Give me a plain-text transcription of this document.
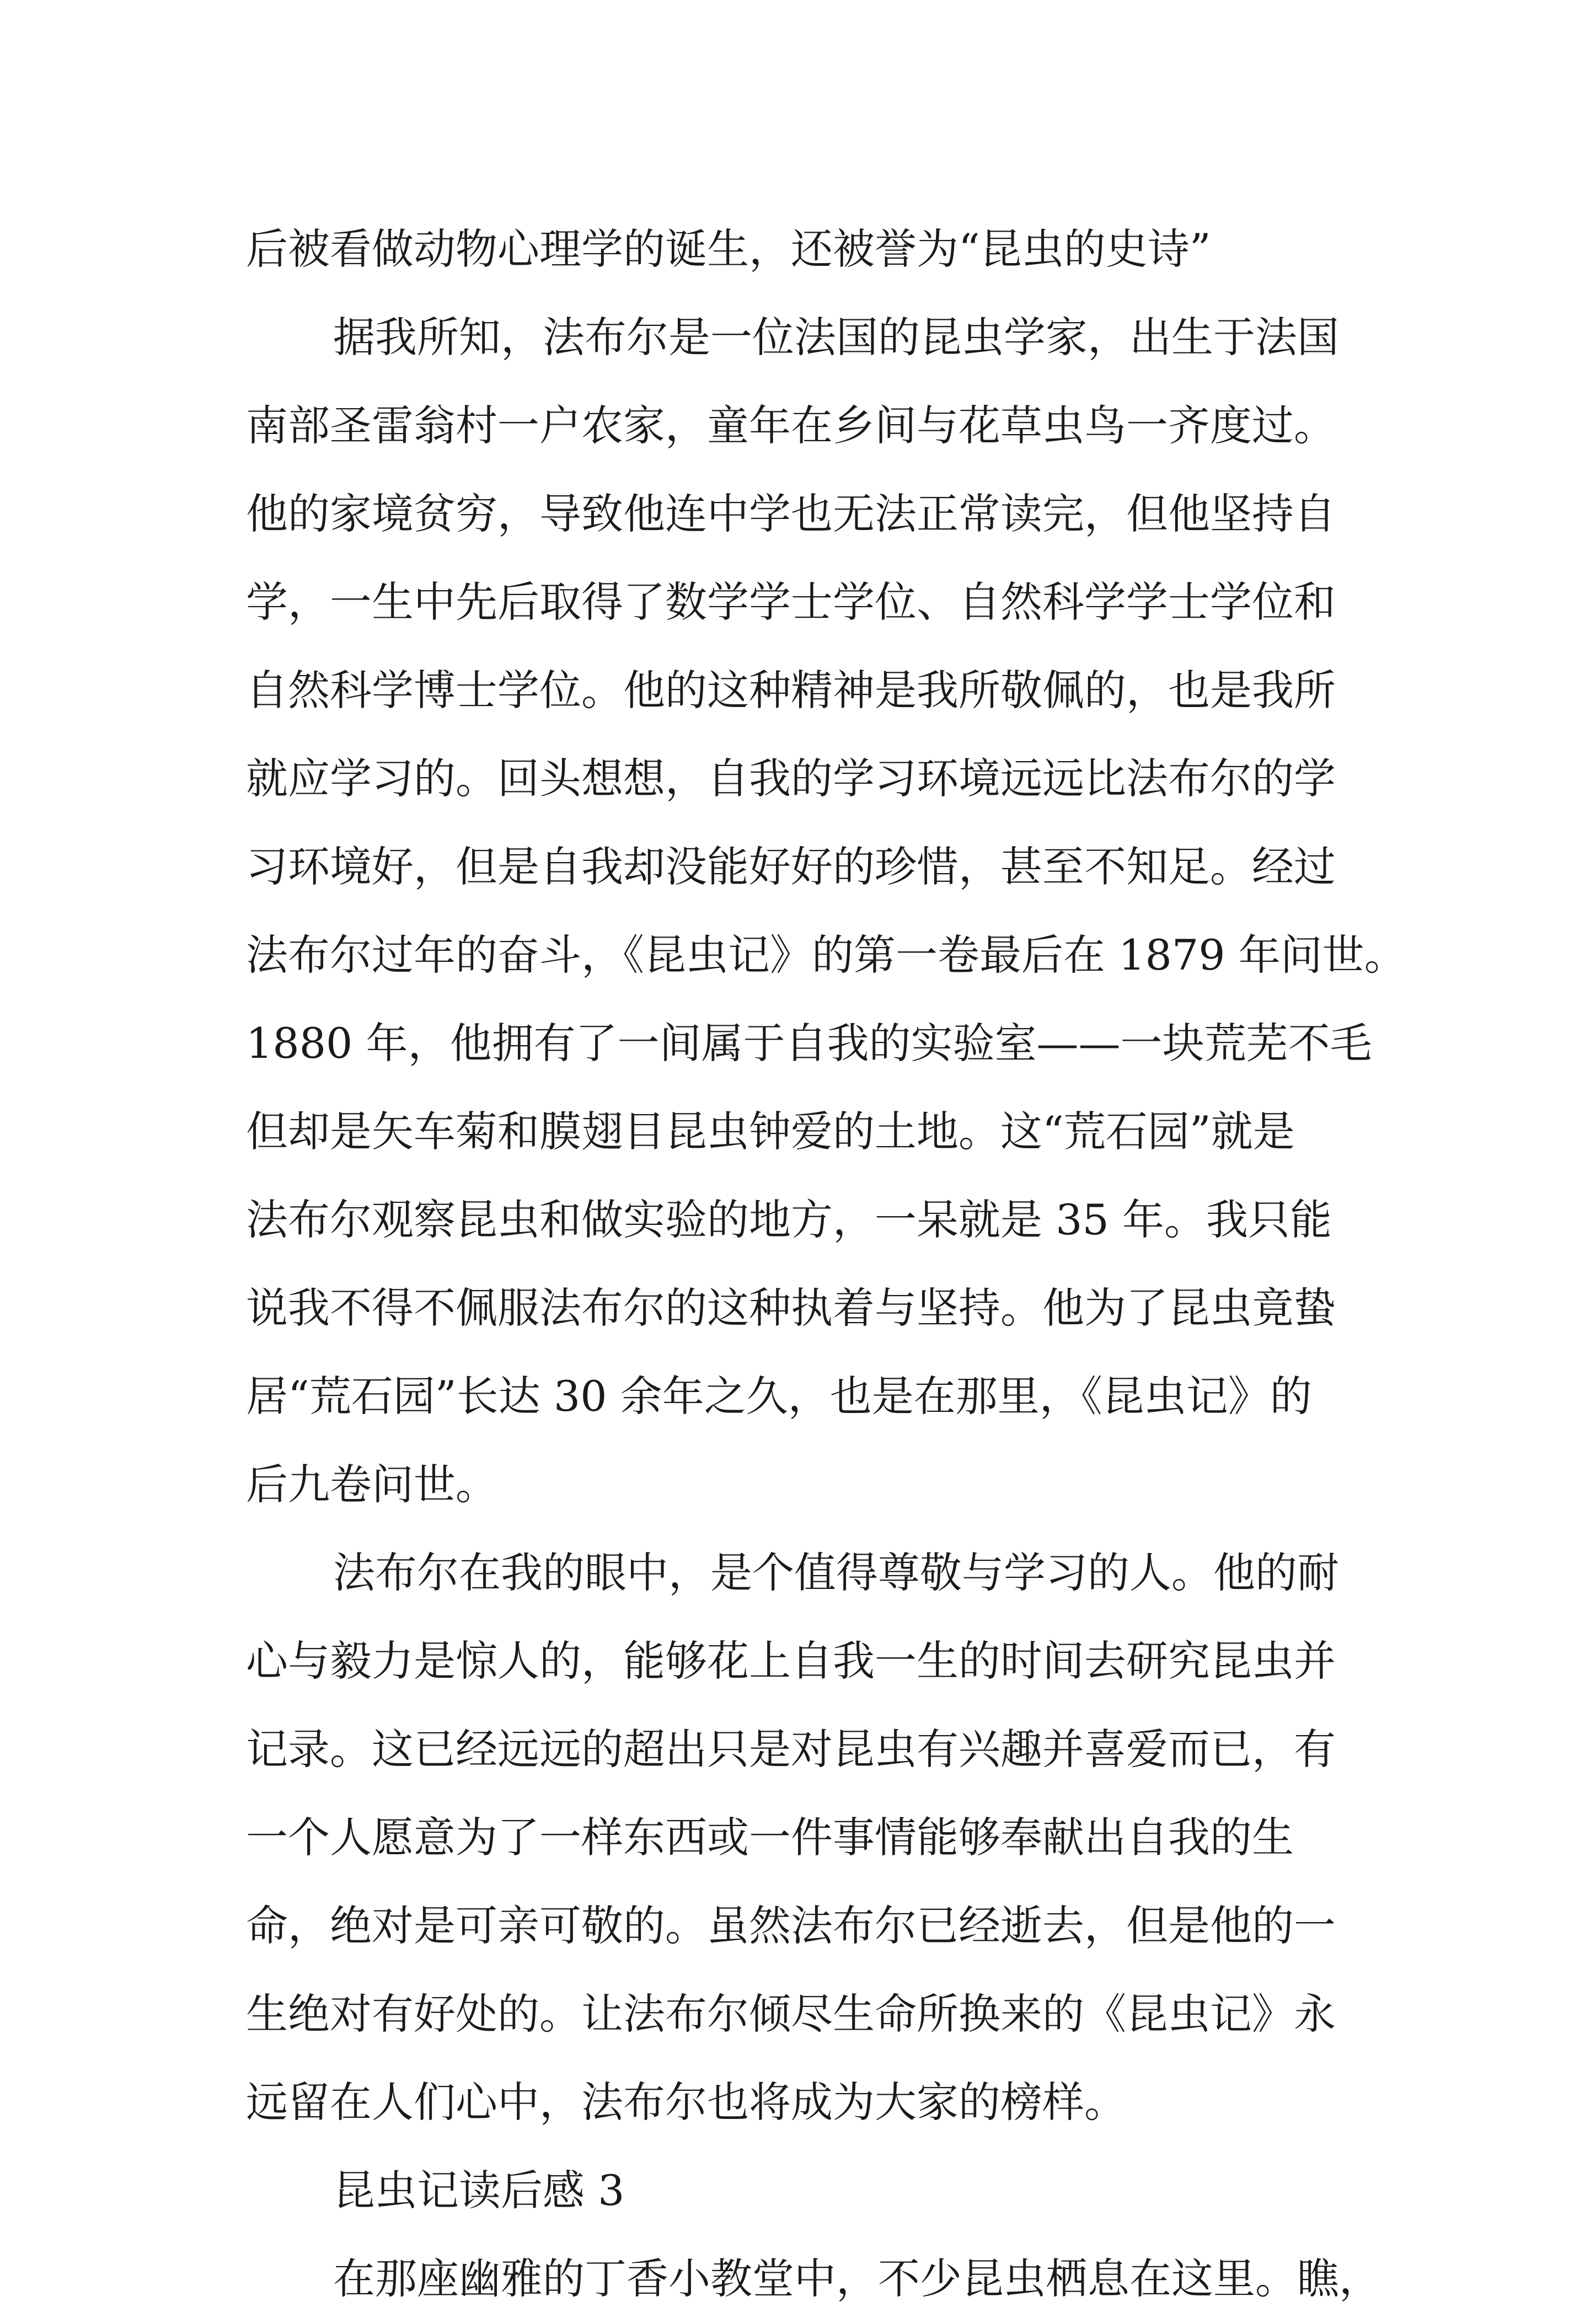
后被看做动物心理学的诞生，还被誉为“昆虫的史诗”
据我所知，法布尔是一位法国的昆虫学家，出生于法国
南部圣雷翁村一户农家，童年在乡间与花草虫鸟一齐度过。
他的家境贫穷，导致他连中学也无法正常读完，但他坚持自
学，一生中先后取得了数学学士学位、自然科学学士学位和
自然科学博士学位。他的这种精神是我所敬佩的，也是我所
就应学习的。回头想想，自我的学习环境远远比法布尔的学
习环境好，但是自我却没能好好的珍惜，甚至不知足。经过
法布尔过年的奋斗，《昆虫记》的第一卷最后在 1879 年问世。
1880 年，他拥有了一间属于自我的实验室——一块荒芜不毛
但却是矢车菊和膜翅目昆虫钟爱的土地。这“荒石园”就是
法布尔观察昆虫和做实验的地方，一呆就是 35 年。我只能
说我不得不佩服法布尔的这种执着与坚持。他为了昆虫竟蛰
居“荒石园”长达 30 余年之久，也是在那里，《昆虫记》的
后九卷问世。
法布尔在我的眼中，是个值得尊敬与学习的人。他的耐
心与毅力是惊人的，能够花上自我一生的时间去研究昆虫并
记录。这已经远远的超出只是对昆虫有兴趣并喜爱而已，有
一个人愿意为了一样东西或一件事情能够奉献出自我的生
命，绝对是可亲可敬的。虽然法布尔已经逝去，但是他的一
生绝对有好处的。让法布尔倾尽生命所换来的《昆虫记》永
远留在人们心中，法布尔也将成为大家的榜样。
昆虫记读后感 3
在那座幽雅的丁香小教堂中，不少昆虫栖息在这里。瞧，
